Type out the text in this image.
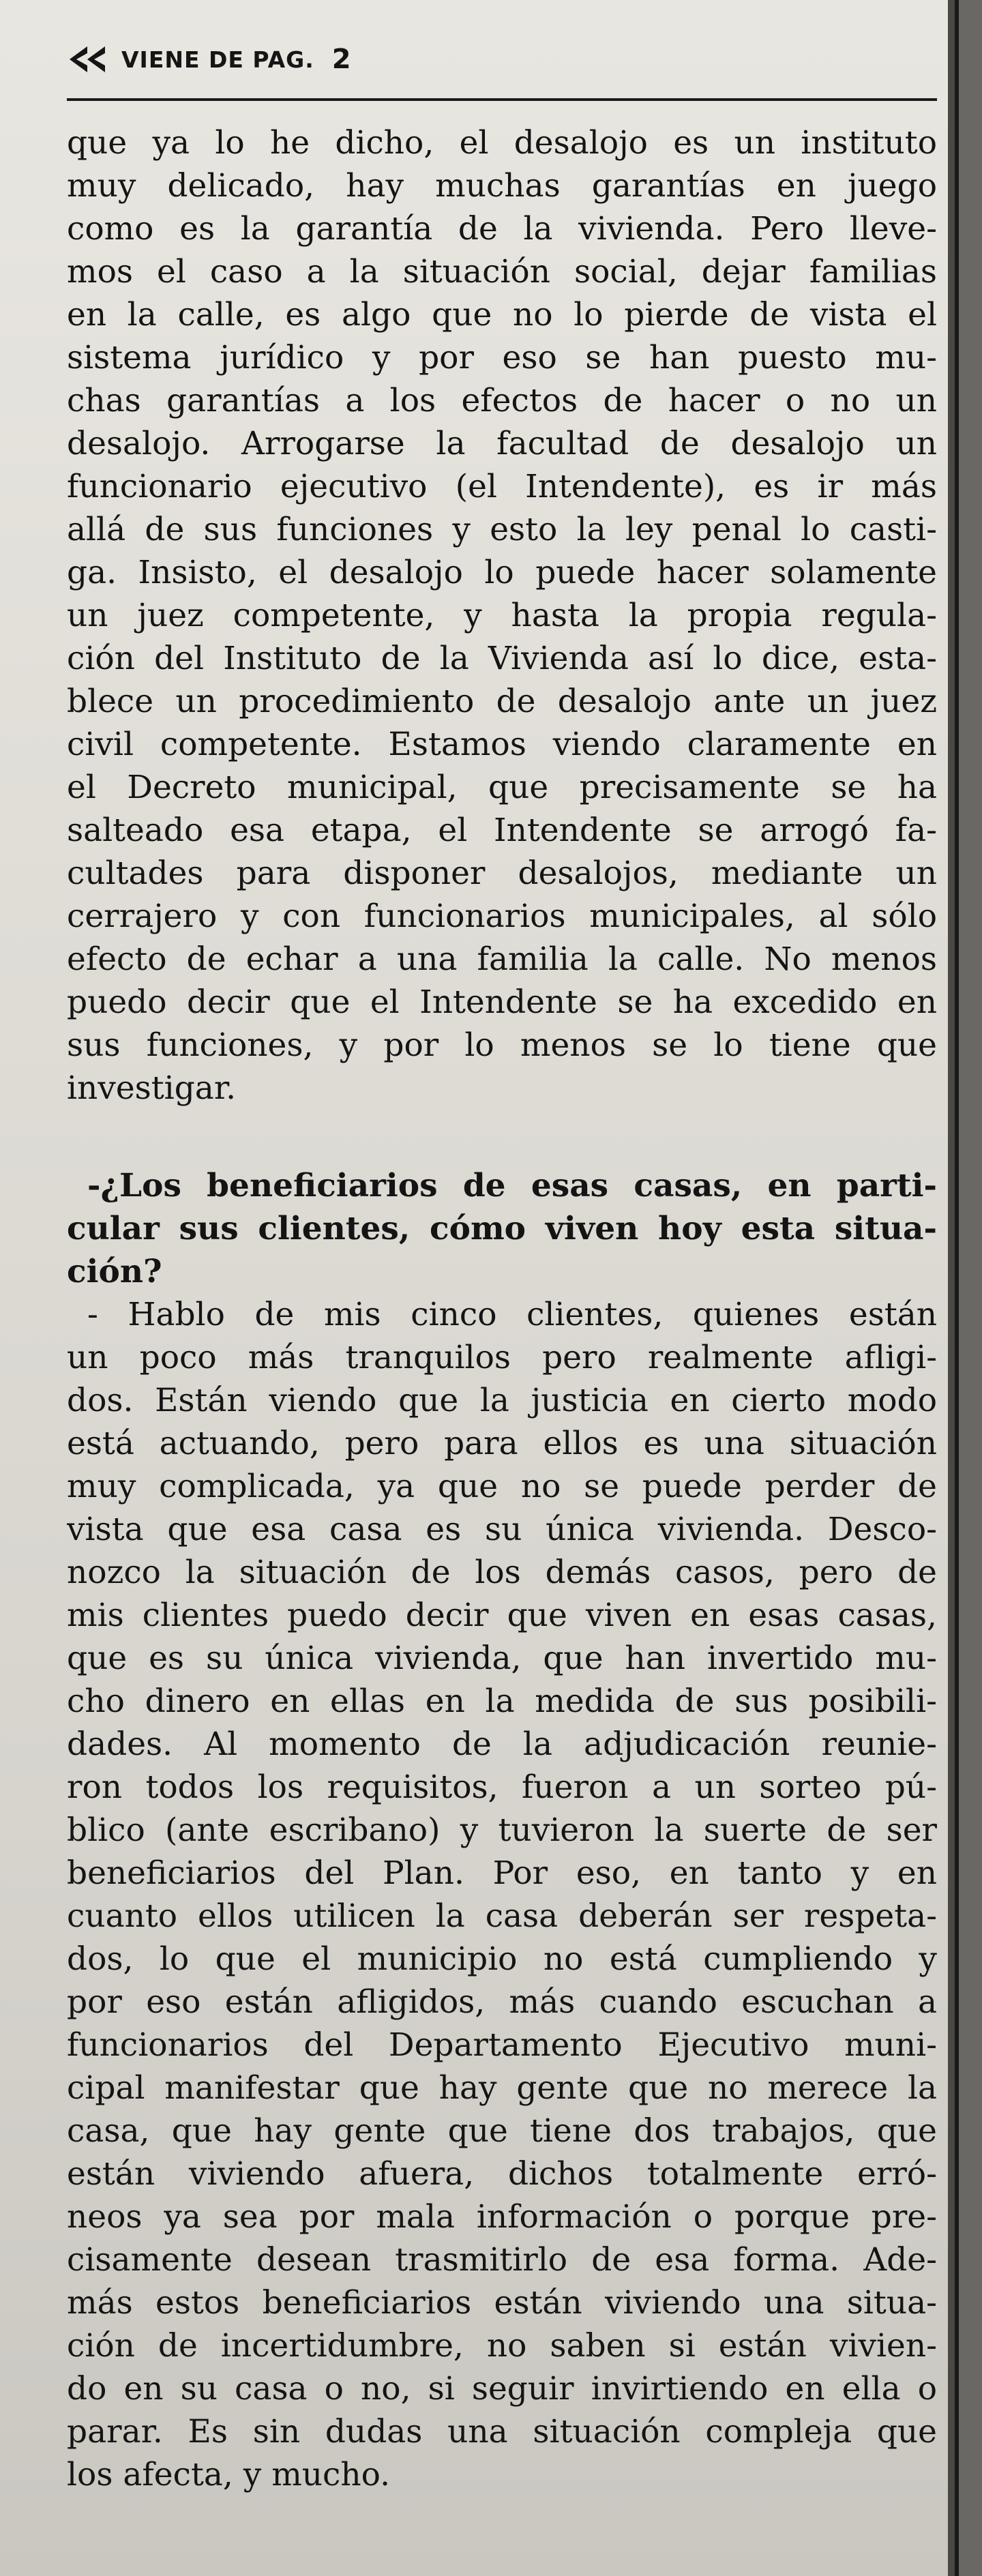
VIENE DE PAG. 2
que ya lo he dicho, el desalojo es un instituto
muy delicado, hay muchas garantías en juego
como es la garantía de la vivienda. Pero lleve-
mos el caso a la situación social, dejar familias
en la calle, es algo que no lo pierde de vista el
sistema jurídico y por eso se han puesto mu-
chas garantías a los efectos de hacer o no un
desalojo. Arrogarse la facultad de desalojo un
funcionario ejecutivo (el Intendente), es ir más
allá de sus funciones y esto la ley penal lo casti-
ga. Insisto, el desalojo lo puede hacer solamente
un juez competente, y hasta la propia regula-
ción del Instituto de la Vivienda así lo dice, esta-
blece un procedimiento de desalojo ante un juez
civil competente. Estamos viendo claramente en
el Decreto municipal, que precisamente se ha
salteado esa etapa, el Intendente se arrogó fa-
cultades para disponer desalojos, mediante un
cerrajero y con funcionarios municipales, al sólo
efecto de echar a una familia la calle. No menos
puedo decir que el Intendente se ha excedido en
sus funciones, y por lo menos se lo tiene que
investigar.
-¿Los beneficiarios de esas casas, en parti-
cular sus clientes, cómo viven hoy esta situa-
ción?
- Hablo de mis cinco clientes, quienes están
un poco más tranquilos pero realmente afligi-
dos. Están viendo que la justicia en cierto modo
está actuando, pero para ellos es una situación
muy complicada, ya que no se puede perder de
vista que esa casa es su única vivienda. Desco-
nozco la situación de los demás casos, pero de
mis clientes puedo decir que viven en esas casas,
que es su única vivienda, que han invertido mu-
cho dinero en ellas en la medida de sus posibili-
dades. Al momento de la adjudicación reunie-
ron todos los requisitos, fueron a un sorteo pú-
blico (ante escribano) y tuvieron la suerte de ser
beneficiarios del Plan. Por eso, en tanto y en
cuanto ellos utilicen la casa deberán ser respeta-
dos, lo que el municipio no está cumpliendo y
por eso están afligidos, más cuando escuchan a
funcionarios del Departamento Ejecutivo muni-
cipal manifestar que hay gente que no merece la
casa, que hay gente que tiene dos trabajos, que
están viviendo afuera, dichos totalmente erró-
neos ya sea por mala información o porque pre-
cisamente desean trasmitirlo de esa forma. Ade-
más estos beneficiarios están viviendo una situa-
ción de incertidumbre, no saben si están vivien-
do en su casa o no, si seguir invirtiendo en ella o
parar. Es sin dudas una situación compleja que
los afecta, y mucho.
